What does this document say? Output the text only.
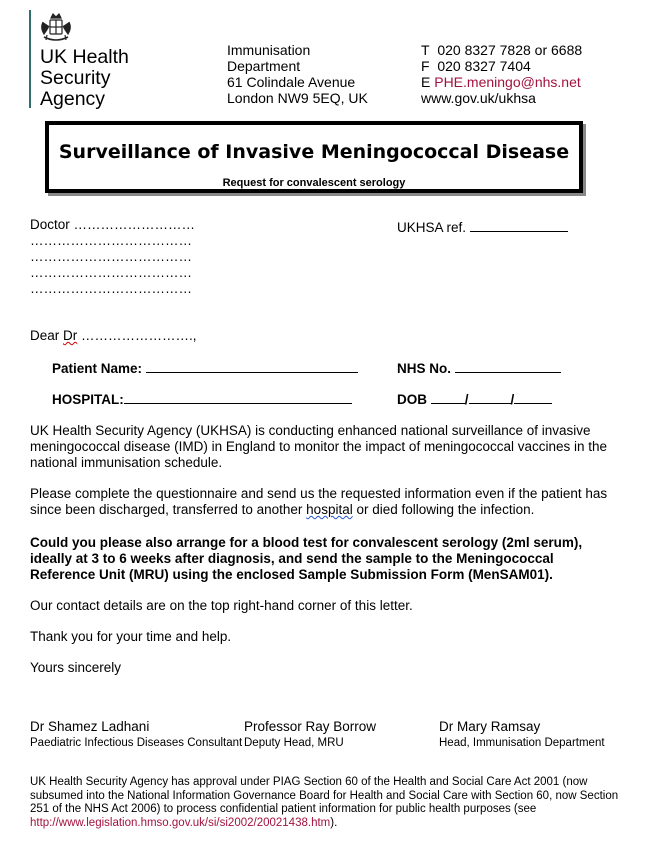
UK Health
Security
Agency
Immunisation
Department
61 Colindale Avenue
London NW9 5EQ, UK
T 020 8327 7828 or 6688
F 020 8327 7404
E PHE.meningo@nhs.net
www.gov.uk/ukhsa
Surveillance of Invasive Meningococcal Disease
Request for convalescent serology
Doctor ………………………
………………………………
………………………………
………………………………
………………………………
UKHSA ref.
Dear Dr …………………….,
Patient Name:	NHS No.
HOSPITAL:	DOB	/	/
UK Health Security Agency (UKHSA) is conducting enhanced national surveillance of invasive meningococcal disease (IMD) in England to monitor the impact of meningococcal vaccines in the national immunisation schedule.
Please complete the questionnaire and send us the requested information even if the patient has since been discharged, transferred to another hospital or died following the infection.
Could you please also arrange for a blood test for convalescent serology (2ml serum), ideally at 3 to 6 weeks after diagnosis, and send the sample to the Meningococcal Reference Unit (MRU) using the enclosed Sample Submission Form (MenSAM01).
Our contact details are on the top right-hand corner of this letter.
Thank you for your time and help.
Yours sincerely
Dr Shamez Ladhani
Paediatric Infectious Diseases Consultant
Professor Ray Borrow
Deputy Head, MRU
Dr Mary Ramsay
Head, Immunisation Department
UK Health Security Agency has approval under PIAG Section 60 of the Health and Social Care Act 2001 (now subsumed into the National Information Governance Board for Health and Social Care with Section 60, now Section 251 of the NHS Act 2006) to process confidential patient information for public health purposes (see http://www.legislation.hmso.gov.uk/si/si2002/20021438.htm).
